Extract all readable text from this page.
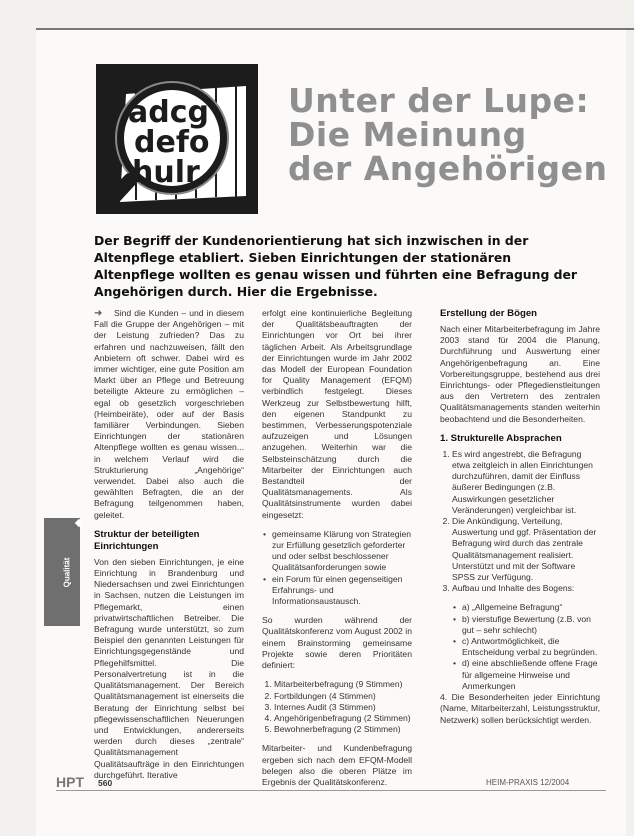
adcg
defo
hulr
Unter der Lupe:
Die Meinung
der Angehörigen
Der Begriff der Kundenorientierung hat sich inzwischen in der Altenpflege etabliert. Sieben Einrichtungen der stationären Altenpflege wollten es genau wissen und führten eine Befragung der Angehörigen durch. Hier die Ergebnisse.

➜ Sind die Kunden – und in diesem Fall die Gruppe der Angehörigen – mit der Leistung zufrieden? Das zu erfahren und nachzuweisen, fällt den Anbietern oft schwer. Dabei wird es immer wichtiger, eine gute Position am Markt über an Pflege und Betreuung beteiligte Akteure zu ermöglichen – egal ob gesetzlich vorgeschrieben (Heimbeiräte), oder auf der Basis familiärer Verbindungen. Sieben Einrichtungen der stationären Altenpflege wollten es genau wissen... in welchem Verlauf wird die Strukturierung „Angehörige“ verwendet. Dabei also auch die gewählten Befragten, die an der Befragung teilgenommen haben, geleitet.

Struktur der beteiligten Einrichtungen

Von den sieben Einrichtungen, je eine Einrichtung in Brandenburg und Niedersachsen und zwei Einrichtungen in Sachsen, nutzen die Leistungen im Pflegemarkt, einen privatwirtschaftlichen Betreiber. Die Befragung wurde unterstützt, so zum Beispiel den genannten Leistungen für Einrichtungsgegenstände und Pflegehilfsmittel. Die Personalvertretung ist in die Qualitätsmanagement. Der Bereich Qualitätsmanagement ist einerseits die Beratung der Einrichtung selbst bei pflegewissenschaftlichen Neuerungen und Entwicklungen, andererseits werden durch dieses „zentrale“ Qualitätsmanagement Qualitätsaufträge in den Einrichtungen durchgeführt. Iterative

erfolgt eine kontinuierliche Begleitung der Qualitätsbeauftragten der Einrichtungen vor Ort bei ihrer täglichen Arbeit. Als Arbeitsgrundlage der Einrichtungen wurde im Jahr 2002 das Modell der European Foundation for Quality Management (EFQM) verbindlich festgelegt. Dieses Werkzeug zur Selbstbewertung hilft, den eigenen Standpunkt zu bestimmen, Verbesserungspotenziale aufzuzeigen und Lösungen anzugehen. Weiterhin war die Selbsteinschätzung durch die Mitarbeiter der Einrichtungen auch Bestandteil der Qualitätsmanagements. Als Qualitätsinstrumente wurden dabei eingesetzt:

• gemeinsame Klärung von Strategien zur Erfüllung gesetzlich geforderter und oder selbst beschlossener Qualitätsanforderungen sowie
• ein Forum für einen gegenseitigen Erfahrungs- und Informationsaustausch.

So wurden während der Qualitätskonferenz vom August 2002 in einem Brainstorming gemeinsame Projekte sowie deren Prioritäten definiert:

1. Mitarbeiterbefragung (9 Stimmen)
2. Fortbildungen (4 Stimmen)
3. Internes Audit (3 Stimmen)
4. Angehörigenbefragung (2 Stimmen)
5. Bewohnerbefragung (2 Stimmen)

Mitarbeiter- und Kundenbefragung ergeben sich nach dem EFQM-Modell belegen also die oberen Plätze im Ergebnis der Qualitätskonferenz.

Erstellung der Bögen

Nach einer Mitarbeiterbefragung im Jahre 2003 stand für 2004 die Planung, Durchführung und Auswertung einer Angehörigenbefragung an. Eine Vorbereitungsgruppe, bestehend aus drei Einrichtungs- oder Pflegedienstleitungen aus den Vertretern des zentralen Qualitätsmanagements standen weiterhin beobachtend und die Besonderheiten.

1. Strukturelle Absprachen
1. Es wird angestrebt, die Befragung etwa zeitgleich in allen Einrichtungen durchzuführen, damit der Einfluss äußerer Bedingungen (z.B. Auswirkungen gesetzlicher Veränderungen) vergleichbar ist.
2. Die Ankündigung, Verteilung, Auswertung und ggf. Präsentation der Befragung wird durch das zentrale Qualitätsmanagement realisiert. Unterstützt und mit der Software SPSS zur Verfügung.
3. Aufbau und Inhalte des Bogens:
• a) „Allgemeine Befragung“
• b) vierstufige Bewertung (z.B. von gut – sehr schlecht)
• c) Antwortmöglichkeit, die Entscheidung verbal zu begründen.
• d) eine abschließende offene Frage für allgemeine Hinweise und Anmerkungen

4. Die Besonderheiten jeder Einrichtung (Name, Mitarbeiterzahl, Leistungsstruktur, Netzwerk) sollen berücksichtigt werden.

Qualität
HPT 560	HEIM-PRAXIS 12/2004
